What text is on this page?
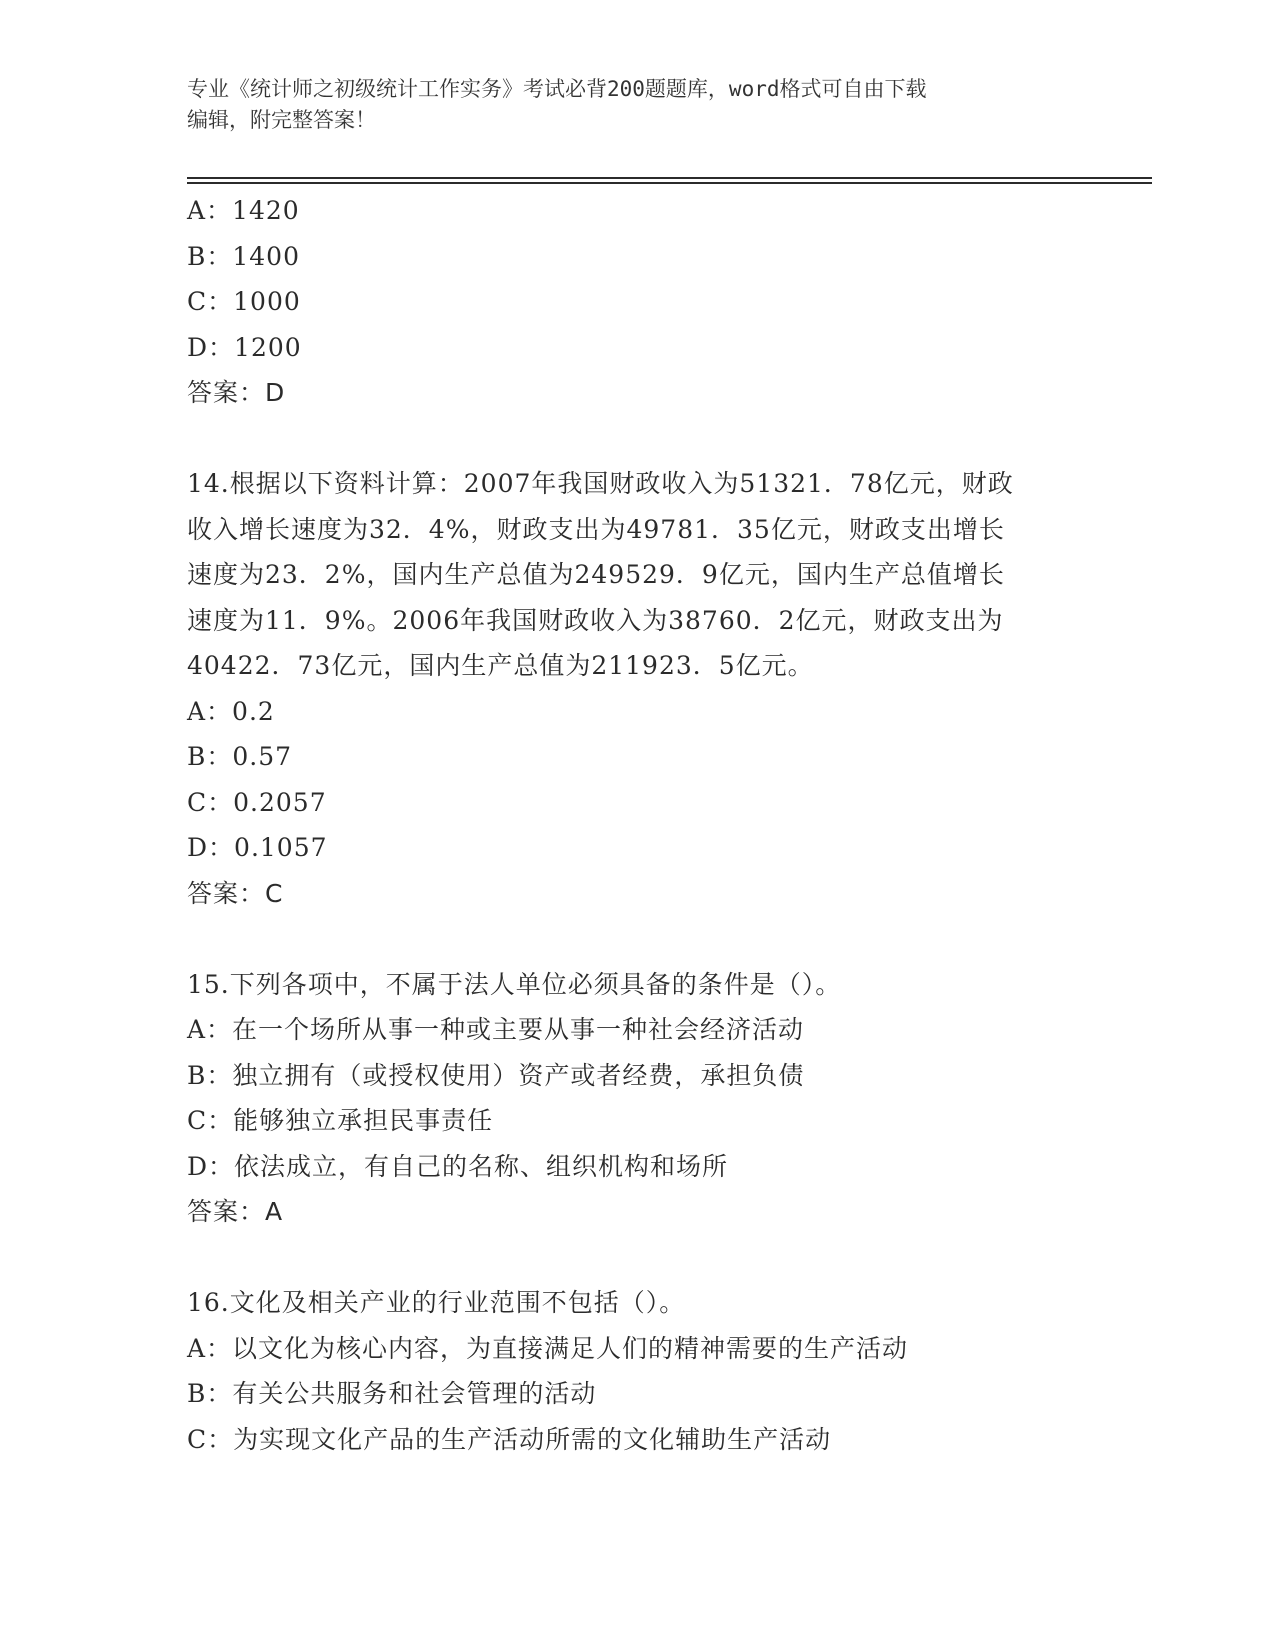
专业《统计师之初级统计工作实务》考试必背200题题库，word格式可自由下载
编辑，附完整答案！
A：1420
B：1400
C：1000
D：1200
答案：D
14.根据以下资料计算：2007年我国财政收入为51321．78亿元，财政
收入增长速度为32．4%，财政支出为49781．35亿元，财政支出增长
速度为23．2%，国内生产总值为249529．9亿元，国内生产总值增长
速度为11．9%。2006年我国财政收入为38760．2亿元，财政支出为
40422．73亿元，国内生产总值为211923．5亿元。
A：0.2
B：0.57
C：0.2057
D：0.1057
答案：C
15.下列各项中，不属于法人单位必须具备的条件是（）。
A：在一个场所从事一种或主要从事一种社会经济活动
B：独立拥有（或授权使用）资产或者经费，承担负债
C：能够独立承担民事责任
D：依法成立，有自己的名称、组织机构和场所
答案：A
16.文化及相关产业的行业范围不包括（）。
A：以文化为核心内容，为直接满足人们的精神需要的生产活动
B：有关公共服务和社会管理的活动
C：为实现文化产品的生产活动所需的文化辅助生产活动
